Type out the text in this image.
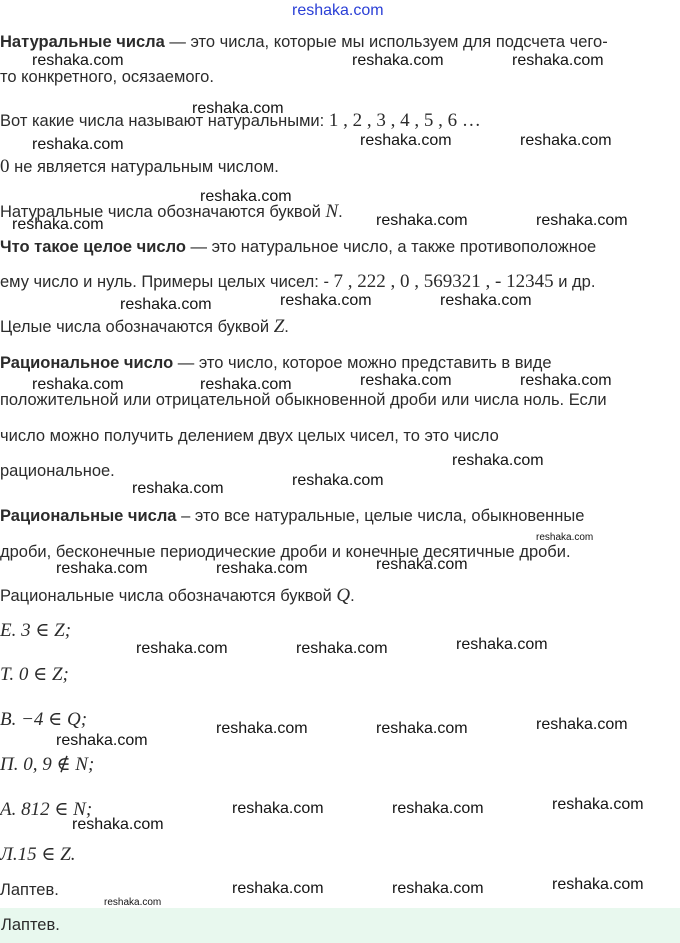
reshaka.com
Натуральные числа — это числа, которые мы используем для подсчета чего-
то конкретного, осязаемого.
Вот какие числа называют натуральными: 1 , 2 , 3 , 4 , 5 , 6 …
0 не является натуральным числом.
Натуральные числа обозначаются буквой N.
Что такое целое число — это натуральное число, а также противоположное
ему число и нуль. Примеры целых чисел: - 7 , 222 , 0 , 569321 , - 12345 и др.
Целые числа обозначаются буквой Z.
Рациональное число — это число, которое можно представить в виде
положительной или отрицательной обыкновенной дроби или числа ноль. Если
число можно получить делением двух целых чисел, то это число
рациональное.
Рациональные числа – это все натуральные, целые числа, обыкновенные
дроби, бесконечные периодические дроби и конечные десятичные дроби.
Рациональные числа обозначаются буквой Q.
Е. 3 ∈ Z;
Т. 0 ∈ Z;
В. −4 ∈ Q;
П. 0, 9 ∉ N;
А. 812 ∈ N;
Л.15 ∈ Z.
Лаптев.
Лаптев.
reshaka.com	reshaka.com	reshaka.com
reshaka.com
reshaka.com	reshaka.com	reshaka.com
reshaka.com
reshaka.com	reshaka.com	reshaka.com
reshaka.com	reshaka.com	reshaka.com
reshaka.com	reshaka.com	reshaka.com	reshaka.com
reshaka.com
reshaka.com
reshaka.com
reshaka.com
reshaka.com	reshaka.com	reshaka.com
reshaka.com	reshaka.com	reshaka.com
reshaka.com	reshaka.com	reshaka.com
reshaka.com
reshaka.com	reshaka.com	reshaka.com
reshaka.com
reshaka.com	reshaka.com	reshaka.com
reshaka.com
